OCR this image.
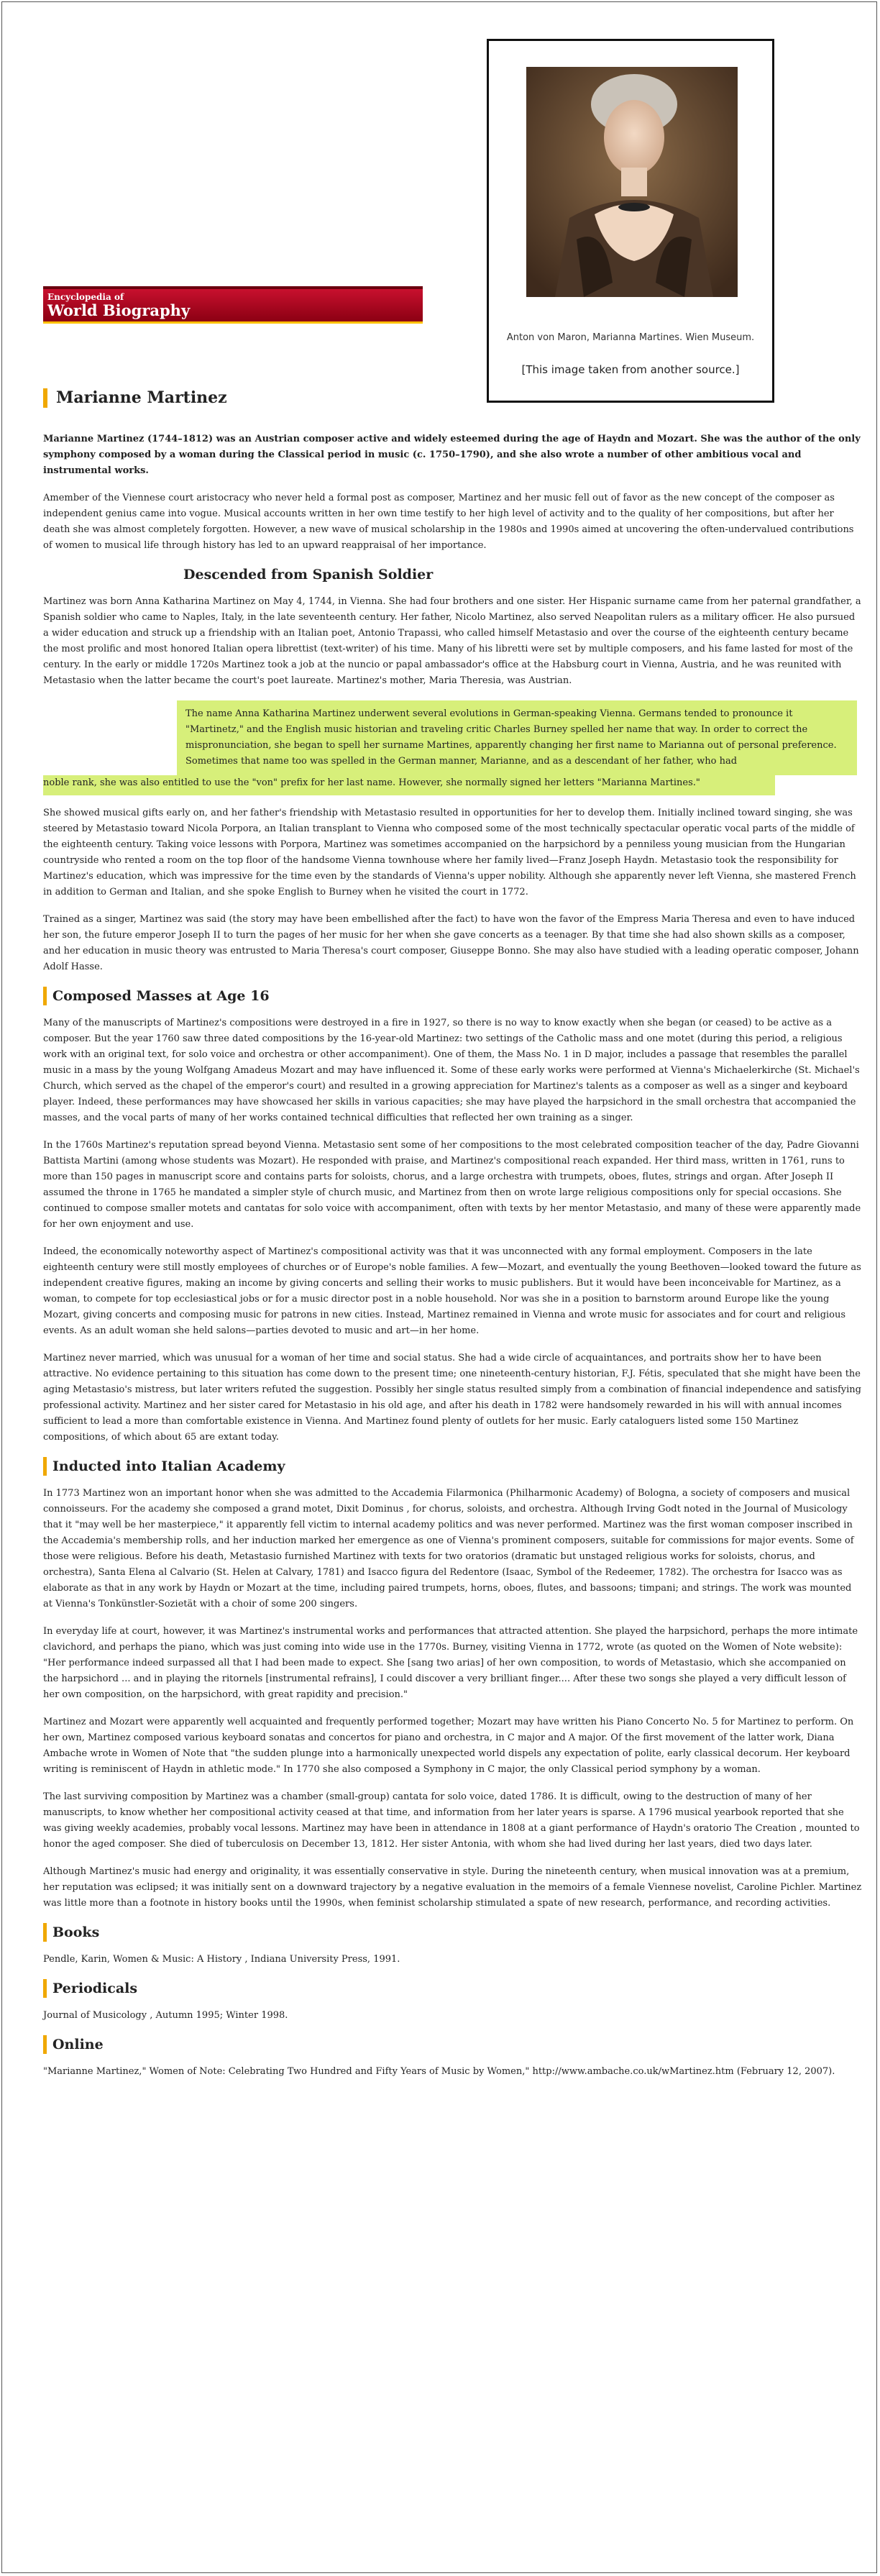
Encyclopedia of
World Biography
Anton von Maron, Marianna Martines. Wien Museum.
[This image taken from another source.]
Marianne Martinez

Marianne Martinez (1744–1812) was an Austrian composer active and widely esteemed during the age of Haydn and Mozart. She was the author of the only symphony composed by a woman during the Classical period in music (c. 1750–1790), and she also wrote a number of other ambitious vocal and instrumental works.

Amember of the Viennese court aristocracy who never held a formal post as composer, Martinez and her music fell out of favor as the new concept of the composer as independent genius came into vogue. Musical accounts written in her own time testify to her high level of activity and to the quality of her compositions, but after her death she was almost completely forgotten. However, a new wave of musical scholarship in the 1980s and 1990s aimed at uncovering the often-undervalued contributions of women to musical life through history has led to an upward reappraisal of her importance.

Descended from Spanish Soldier

Martinez was born Anna Katharina Martinez on May 4, 1744, in Vienna. She had four brothers and one sister. Her Hispanic surname came from her paternal grandfather, a Spanish soldier who came to Naples, Italy, in the late seventeenth century. Her father, Nicolo Martinez, also served Neapolitan rulers as a military officer. He also pursued a wider education and struck up a friendship with an Italian poet, Antonio Trapassi, who called himself Metastasio and over the course of the eighteenth century became the most prolific and most honored Italian opera librettist (text-writer) of his time. Many of his libretti were set by multiple composers, and his fame lasted for most of the century. In the early or middle 1720s Martinez took a job at the nuncio or papal ambassador's office at the Habsburg court in Vienna, Austria, and he was reunited with Metastasio when the latter became the court's poet laureate. Martinez's mother, Maria Theresia, was Austrian.

The name Anna Katharina Martinez underwent several evolutions in German-speaking Vienna. Germans tended to pronounce it "Martinetz," and the English music historian and traveling critic Charles Burney spelled her name that way. In order to correct the mispronunciation, she began to spell her surname Martines, apparently changing her first name to Marianna out of personal preference. Sometimes that name too was spelled in the German manner, Marianne, and as a descendant of her father, who had

noble rank, she was also entitled to use the "von" prefix for her last name. However, she normally signed her letters "Marianna Martines."

She showed musical gifts early on, and her father's friendship with Metastasio resulted in opportunities for her to develop them. Initially inclined toward singing, she was steered by Metastasio toward Nicola Porpora, an Italian transplant to Vienna who composed some of the most technically spectacular operatic vocal parts of the middle of the eighteenth century. Taking voice lessons with Porpora, Martinez was sometimes accompanied on the harpsichord by a penniless young musician from the Hungarian countryside who rented a room on the top floor of the handsome Vienna townhouse where her family lived—Franz Joseph Haydn. Metastasio took the responsibility for Martinez's education, which was impressive for the time even by the standards of Vienna's upper nobility. Although she apparently never left Vienna, she mastered French in addition to German and Italian, and she spoke English to Burney when he visited the court in 1772.

Trained as a singer, Martinez was said (the story may have been embellished after the fact) to have won the favor of the Empress Maria Theresa and even to have induced her son, the future emperor Joseph II to turn the pages of her music for her when she gave concerts as a teenager. By that time she had also shown skills as a composer, and her education in music theory was entrusted to Maria Theresa's court composer, Giuseppe Bonno. She may also have studied with a leading operatic composer, Johann Adolf Hasse.

Composed Masses at Age 16

Many of the manuscripts of Martinez's compositions were destroyed in a fire in 1927, so there is no way to know exactly when she began (or ceased) to be active as a composer. But the year 1760 saw three dated compositions by the 16-year-old Martinez: two settings of the Catholic mass and one motet (during this period, a religious work with an original text, for solo voice and orchestra or other accompaniment). One of them, the Mass No. 1 in D major, includes a passage that resembles the parallel music in a mass by the young Wolfgang Amadeus Mozart and may have influenced it. Some of these early works were performed at Vienna's Michaelerkirche (St. Michael's Church, which served as the chapel of the emperor's court) and resulted in a growing appreciation for Martinez's talents as a composer as well as a singer and keyboard player. Indeed, these performances may have showcased her skills in various capacities; she may have played the harpsichord in the small orchestra that accompanied the masses, and the vocal parts of many of her works contained technical difficulties that reflected her own training as a singer.

In the 1760s Martinez's reputation spread beyond Vienna. Metastasio sent some of her compositions to the most celebrated composition teacher of the day, Padre Giovanni Battista Martini (among whose students was Mozart). He responded with praise, and Martinez's compositional reach expanded. Her third mass, written in 1761, runs to more than 150 pages in manuscript score and contains parts for soloists, chorus, and a large orchestra with trumpets, oboes, flutes, strings and organ. After Joseph II assumed the throne in 1765 he mandated a simpler style of church music, and Martinez from then on wrote large religious compositions only for special occasions. She continued to compose smaller motets and cantatas for solo voice with accompaniment, often with texts by her mentor Metastasio, and many of these were apparently made for her own enjoyment and use.

Indeed, the economically noteworthy aspect of Martinez's compositional activity was that it was unconnected with any formal employment. Composers in the late eighteenth century were still mostly employees of churches or of Europe's noble families. A few—Mozart, and eventually the young Beethoven—looked toward the future as independent creative figures, making an income by giving concerts and selling their works to music publishers. But it would have been inconceivable for Martinez, as a woman, to compete for top ecclesiastical jobs or for a music director post in a noble household. Nor was she in a position to barnstorm around Europe like the young Mozart, giving concerts and composing music for patrons in new cities. Instead, Martinez remained in Vienna and wrote music for associates and for court and religious events. As an adult woman she held salons—parties devoted to music and art—in her home.

Martinez never married, which was unusual for a woman of her time and social status. She had a wide circle of acquaintances, and portraits show her to have been attractive. No evidence pertaining to this situation has come down to the present time; one nineteenth-century historian, F.J. Fétis, speculated that she might have been the aging Metastasio's mistress, but later writers refuted the suggestion. Possibly her single status resulted simply from a combination of financial independence and satisfying professional activity. Martinez and her sister cared for Metastasio in his old age, and after his death in 1782 were handsomely rewarded in his will with annual incomes sufficient to lead a more than comfortable existence in Vienna. And Martinez found plenty of outlets for her music. Early cataloguers listed some 150 Martinez compositions, of which about 65 are extant today.

Inducted into Italian Academy

In 1773 Martinez won an important honor when she was admitted to the Accademia Filarmonica (Philharmonic Academy) of Bologna, a society of composers and musical connoisseurs. For the academy she composed a grand motet, Dixit Dominus , for chorus, soloists, and orchestra. Although Irving Godt noted in the Journal of Musicology that it "may well be her masterpiece," it apparently fell victim to internal academy politics and was never performed. Martinez was the first woman composer inscribed in the Accademia's membership rolls, and her induction marked her emergence as one of Vienna's prominent composers, suitable for commissions for major events. Some of those were religious. Before his death, Metastasio furnished Martinez with texts for two oratorios (dramatic but unstaged religious works for soloists, chorus, and orchestra), Santa Elena al Calvario (St. Helen at Calvary, 1781) and Isacco figura del Redentore (Isaac, Symbol of the Redeemer, 1782). The orchestra for Isacco was as elaborate as that in any work by Haydn or Mozart at the time, including paired trumpets, horns, oboes, flutes, and bassoons; timpani; and strings. The work was mounted at Vienna's Tonkünstler-Sozietät with a choir of some 200 singers.

In everyday life at court, however, it was Martinez's instrumental works and performances that attracted attention. She played the harpsichord, perhaps the more intimate clavichord, and perhaps the piano, which was just coming into wide use in the 1770s. Burney, visiting Vienna in 1772, wrote (as quoted on the Women of Note website): "Her performance indeed surpassed all that I had been made to expect. She [sang two arias] of her own composition, to words of Metastasio, which she accompanied on the harpsichord ... and in playing the ritornels [instrumental refrains], I could discover a very brilliant finger.... After these two songs she played a very difficult lesson of her own composition, on the harpsichord, with great rapidity and precision."

Martinez and Mozart were apparently well acquainted and frequently performed together; Mozart may have written his Piano Concerto No. 5 for Martinez to perform. On her own, Martinez composed various keyboard sonatas and concertos for piano and orchestra, in C major and A major. Of the first movement of the latter work, Diana Ambache wrote in Women of Note that "the sudden plunge into a harmonically unexpected world dispels any expectation of polite, early classical decorum. Her keyboard writing is reminiscent of Haydn in athletic mode." In 1770 she also composed a Symphony in C major, the only Classical period symphony by a woman.

The last surviving composition by Martinez was a chamber (small-group) cantata for solo voice, dated 1786. It is difficult, owing to the destruction of many of her manuscripts, to know whether her compositional activity ceased at that time, and information from her later years is sparse. A 1796 musical yearbook reported that she was giving weekly academies, probably vocal lessons. Martinez may have been in attendance in 1808 at a giant performance of Haydn's oratorio The Creation , mounted to honor the aged composer. She died of tuberculosis on December 13, 1812. Her sister Antonia, with whom she had lived during her last years, died two days later.

Although Martinez's music had energy and originality, it was essentially conservative in style. During the nineteenth century, when musical innovation was at a premium, her reputation was eclipsed; it was initially sent on a downward trajectory by a negative evaluation in the memoirs of a female Viennese novelist, Caroline Pichler. Martinez was little more than a footnote in history books until the 1990s, when feminist scholarship stimulated a spate of new research, performance, and recording activities.

Books

Pendle, Karin, Women & Music: A History , Indiana University Press, 1991.

Periodicals

Journal of Musicology , Autumn 1995; Winter 1998.

Online

"Marianne Martinez," Women of Note: Celebrating Two Hundred and Fifty Years of Music by Women," http://www.ambache.co.uk/wMartinez.htm (February 12, 2007).
